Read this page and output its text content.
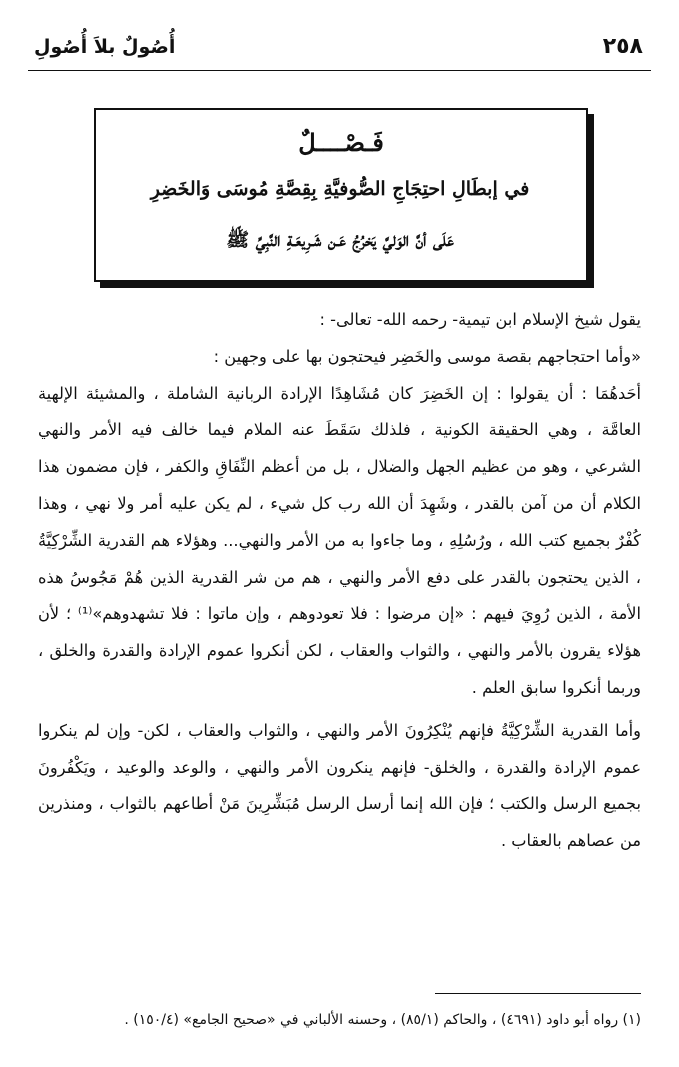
٢٥٨
أُصُولٌ بلاَ أُصُولِ
فَـصْــــلٌ
في إبطَالِ احتِجَاجِ الصُّوفيَّةِ بِقِصَّةِ مُوسَى وَالخَضِرِ
عَلَى أنَّ الوَليَّ يَخرُجُ عَـن شَـرِيعَـةِ النَّبِيِّ ﷺ

يقول شيخ الإسلام ابن تيمية- رحمه الله- تعالى- :

«وأما احتجاجهم بقصة موسى والخَضِر فيحتجون بها على وجهين :

أحَدهُمَا : أن يقولوا : إن الخَضِرَ كان مُشَاهِدًا الإرادة الربانية الشاملة ، والمشيئة الإلهية العامَّة ، وهي الحقيقة الكونية ، فلذلك سَقَطَ عنه الملام فيما خالف فيه الأمر والنهي الشرعي ، وهو من عظيم الجهل والضلال ، بل من أعظم النِّفَاقِ والكفر ، فإن مضمون هذا الكلام أن من آمن بالقدر ، وشَهِدَ أن الله رب كل شيء ، لم يكن عليه أمر ولا نهي ، وهذا كُفْرٌ بجميع كتب الله ، ورُسُلِهِ ، وما جاءوا به من الأمر والنهي... وهؤلاء هم القدرية الشِّرْكِيَّةُ ، الذين يحتجون بالقدر على دفع الأمر والنهي ، هم من شر القدرية الذين هُمْ مَجُوسُ هذه الأمة ، الذين رُوِيَ فيهم : «إن مرضوا : فلا تعودوهم ، وإن ماتوا : فلا تشهدوهم»⁽¹⁾ ؛ لأن هؤلاء يقرون بالأمر والنهي ، والثواب والعقاب ، لكن أنكروا عموم الإرادة والقدرة والخلق ، وربما أنكروا سابق العلم .

وأما القدرية الشِّرْكِيَّةُ فإنهم يُنْكِرُونَ الأمر والنهي ، والثواب والعقاب ، لكن- وإن لم ينكروا عموم الإرادة والقدرة ، والخلق- فإنهم ينكرون الأمر والنهي ، والوعد والوعيد ، ويَكْفُرونَ بجميع الرسل والكتب ؛ فإن الله إنما أرسل الرسل مُبَشِّرِينَ مَنْ أطاعهم بالثواب ، ومنذرين من عصاهم بالعقاب .

(١) رواه أبو داود (٤٦٩١) ، والحاكم (٨٥/١) ، وحسنه الألباني في «صحيح الجامع» (١٥٠/٤) .
